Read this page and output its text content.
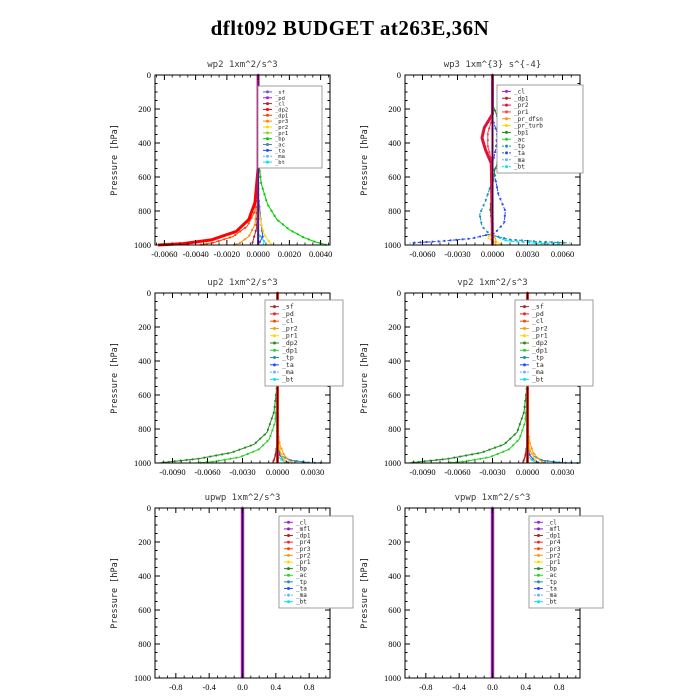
dflt092 BUDGET at263E,36N
wp2 1xm^2/s^3
Pressure [hPa]
0
200
400
600
800
1000
-0.0060 -0.0040 -0.0020 0.0000 0.0020 0.0040
_sf
_pd
_cl
_dp2
_dp1
_pr3
_pr2
_pr1
_bp
_ac
_ta
_ma
_bt
wp3 1xm^{3} s^{-4}
Pressure [hPa]
0
200
400
600
800
1000
-0.0060 -0.0030 0.0000 0.0030 0.0060
_cl
_dp1
_pr2
_pr1
_pr_dfsn
_pr_turb
_bp1
_ac
_tp
_ta
_ma
_bt
up2 1xm^2/s^3
Pressure [hPa]
0
200
400
600
800
1000
-0.0090 -0.0060 -0.0030 0.0000 0.0030
_sf
_pd
_cl
_pr2
_pr1
_dp2
_dp1
_tp
_ta
_ma
_bt
vp2 1xm^2/s^3
Pressure [hPa]
0
200
400
600
800
1000
-0.0090 -0.0060 -0.0030 0.0000 0.0030
_sf
_pd
_cl
_pr2
_pr1
_dp2
_dp1
_tp
_ta
_ma
_bt
upwp 1xm^2/s^3
Pressure [hPa]
0
200
400
600
800
1000
-0.8 -0.4	0.0	0.4	0.8
_cl
_mfl
_dp1
_pr4
_pr3
_pr2
_pr1
_bp
_ac
_tp
_ta
_ma
_bt
vpwp 1xm^2/s^3
Pressure [hPa]
0
200
400
600
800
1000
-0.8 -0.4	0.0	0.4	0.8
_cl
_mfl
_dp1
_pr4
_pr3
_pr2
_pr1
_bp
_ac
_tp
_ta
_ma
_bt
